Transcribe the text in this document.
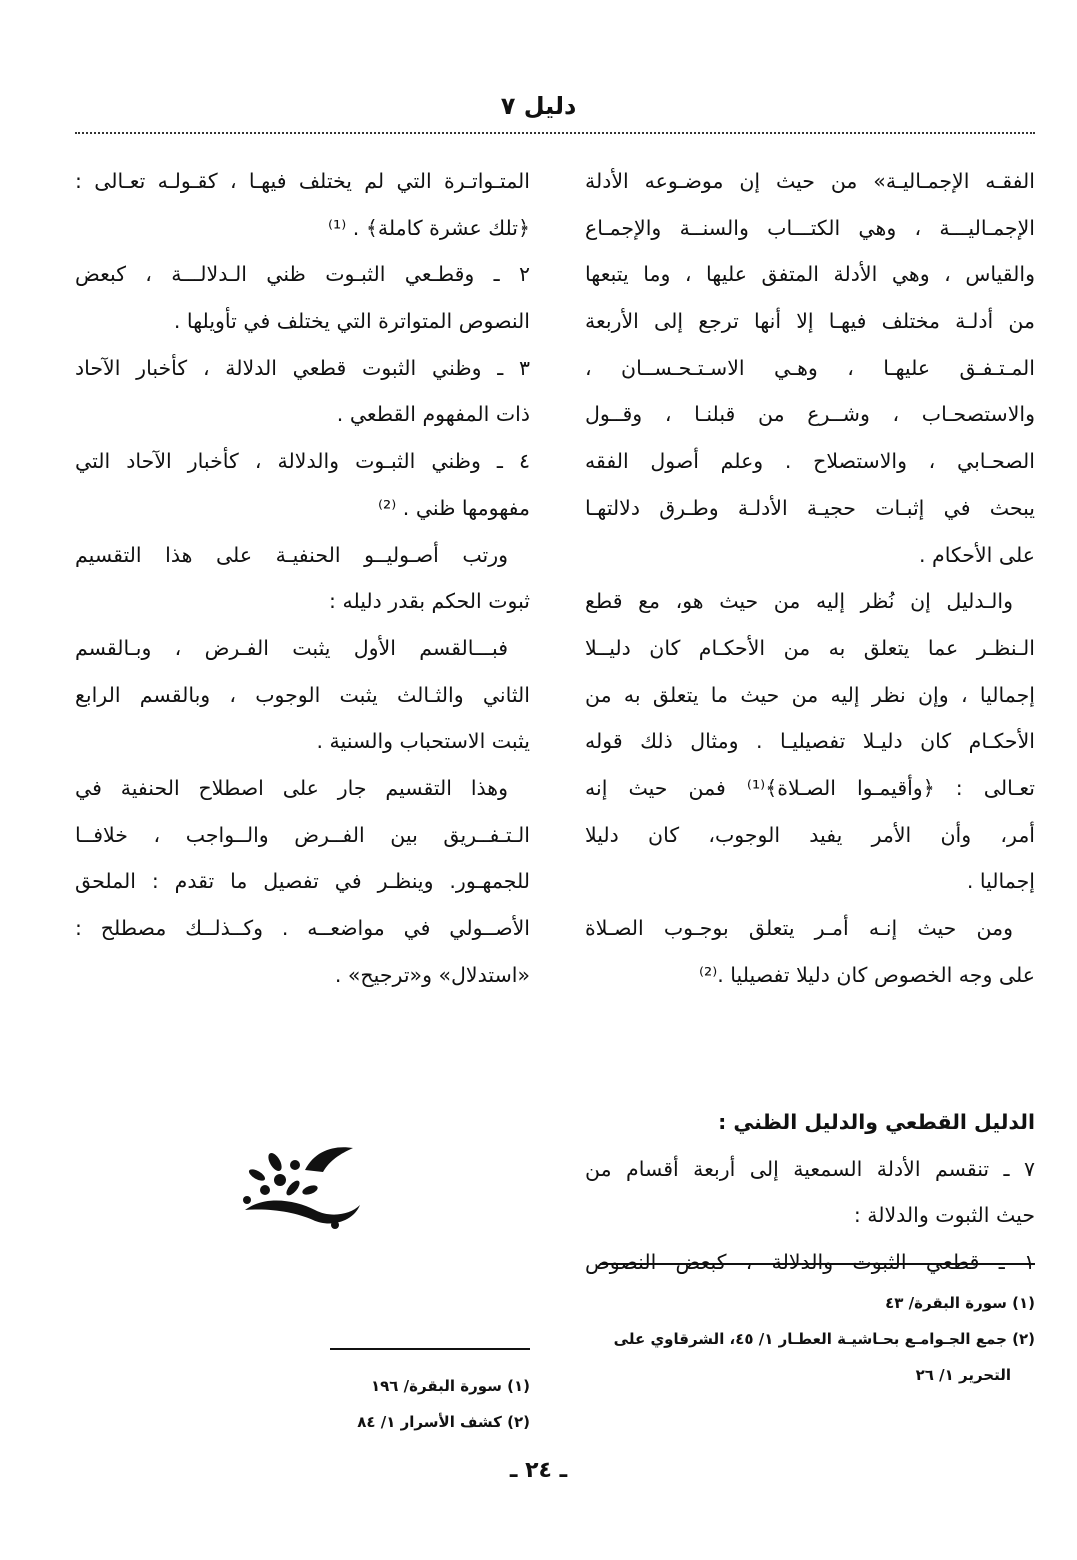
دليل ٧
الفقـه الإجمـاليـة» من حيث إن موضـوعه الأدلة
الإجمـاليـــة ، وهي الكتـــاب والسنــة والإجمـاع
والقياس ، وهي الأدلة المتفق عليها ، وما يتبعها
من أدلـة مختلف فيهـا إلا أنها ترجع إلى الأربعة
المـتـفـق عليهـا ، وهـي الاسـتـحـســان ،
والاستصحـاب ، وشــرع من قبلنـا ، وقــول
الصحـابي ، والاستصلاح . وعلم أصول الفقه
يبحث في إثبـات حجيـة الأدلـة وطـرق دلالتهـا
على الأحكام .
والـدليل إن نُظر إليه من حيث هو، مع قطع
الـنظـر عما يتعلق به من الأحكـام كان دليــلا
إجماليا ، وإن نظر إليه من حيث ما يتعلق به من
الأحكـام كان دليـلا تفصيليـا . ومثال ذلك قوله
تعـالى : ﴿وأقيمـوا الصـلاة﴾⁽¹⁾ فمن حيث إنه
أمر، وأن الأمر يفيد الوجوب، كان دليلا
إجماليا .
ومن حيث إنـه أمـر يتعلق بوجـوب الصـلاة
على وجه الخصوص كان دليلا تفصيليا .⁽²⁾
الدليل القطعي والدليل الظني :
٧ ـ تنقسم الأدلة السمعية إلى أربعة أقسام من
حيث الثبوت والدلالة :
١ ـ قطعي الثبوت والدلالة ، كبعض النصوص
المتـواتـرة التي لم يختلف فيهـا ، كقـولـه تعـالى :
﴿تلك عشرة كاملة﴾ . ⁽¹⁾
٢ ـ وقطـعي الثبـوت ظني الـدلالـــة ، كبعض
النصوص المتواترة التي يختلف في تأويلها .
٣ ـ وظني الثبوت قطعي الدلالة ، كأخبار الآحاد
ذات المفهوم القطعي .
٤ ـ وظني الثبـوت والدلالة ، كأخبار الآحاد التي
مفهومها ظني . ⁽²⁾
ورتب أصـوليــو الحنفيـة على هذا التقسيم
ثبوت الحكم بقدر دليله :
فبـــالقسم الأول يثبت الفـرض ، وبـالقسم
الثاني والثـالث يثبت الوجوب ، وبالقسم الرابع
يثبت الاستحباب والسنية .
وهذا التقسيم جار على اصطلاح الحنفية في
الـتـفــريق بين الفــرض والــواجب ، خلافــا
للجمهـور. وينظـر في تفصيل ما تقدم : الملحق
الأصــولي في مواضعــه . وكــذلــك مصطلح :
«استدلال» و«ترجيح» .
(١) سورة البقرة/ ٤٣
(٢) جمع الجـوامـع بحـاشيـة العطـار ١/ ٤٥، الشرقاوي على
التحرير ١/ ٢٦
(١) سورة البقرة/ ١٩٦
(٢) كشف الأسرار ١/ ٨٤
ـ ٢٤ ـ
